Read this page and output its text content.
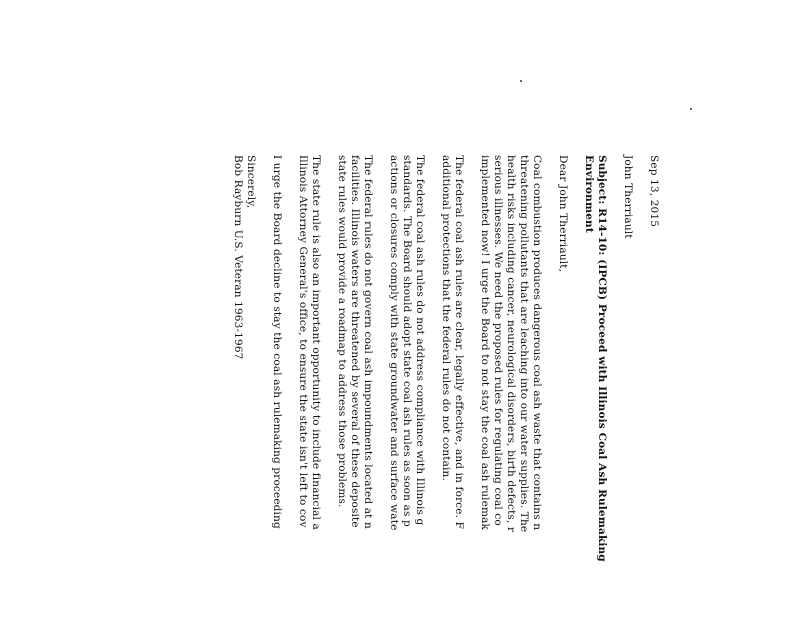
Sep 13, 2015
John Therriault
Subject: R14-10: (IPCB) Proceed with Illinois Coal Ash Rulemaking
Environment
Dear John Therriault,
Coal combustion produces dangerous coal ash waste that contains n
threatening pollutants that are leaching into our water supplies. The
health risks including cancer, neurological disorders, birth defects, r
serious illnesses. We need the proposed rules for regulating coal co
implemented now! I urge the Board to not stay the coal ash rulemak
The federal coal ash rules are clear, legally effective, and in force. F
additional protections that the federal rules do not contain.
The federal coal ash rules do not address compliance with Illinois g
standards. The Board should adopt state coal ash rules as soon as p
actions or closures comply with state groundwater and surface wate
The federal rules do not govern coal ash impoundments located at n
facilities. Illinois waters are threatened by several of these deposite
state rules would provide a roadmap to address those problems.
The state rule is also an important opportunity to include financial a
Illinois Attorney General's office, to ensure the state isn't left to cov
I urge the Board decline to stay the coal ash rulemaking proceeding
Sincerely,
Bob Rayburn U.S. Veteran 1963-1967
